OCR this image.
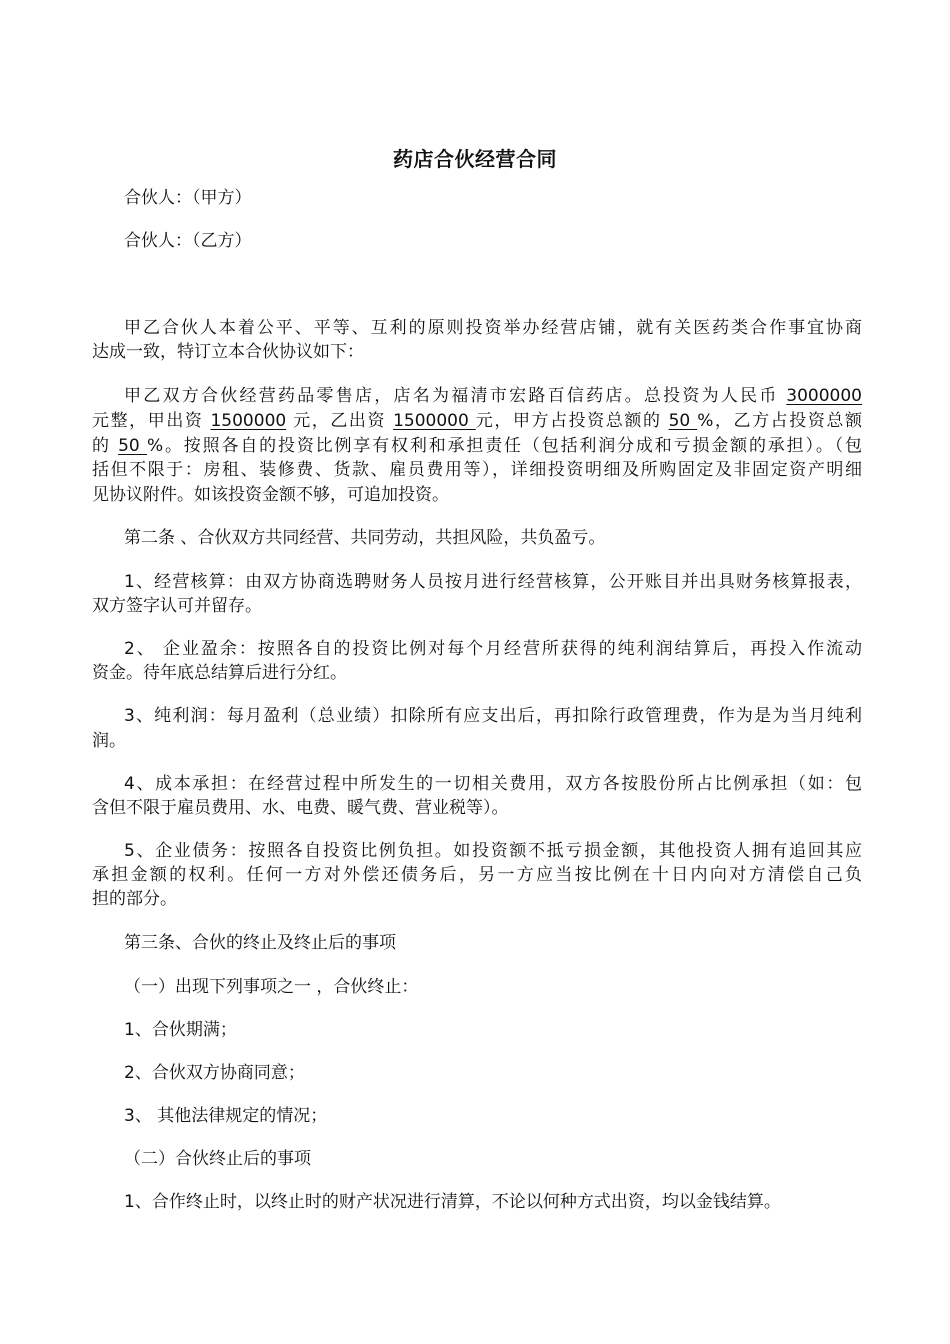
药店合伙经营合同
合伙人：（甲方）
合伙人：（乙方）
甲乙合伙人本着公平、平等、互利的原则投资举办经营店铺，就有关医药类合作事宜协商
达成一致，特订立本合伙协议如下：
甲乙双方合伙经营药品零售店，店名为福清市宏路百信药店。总投资为人民币 3000000
元整，甲出资 1500000 元，乙出资 1500000 元，甲方占投资总额的 50 %，乙方占投资总额
的 50 %。按照各自的投资比例享有权利和承担责任（包括利润分成和亏损金额的承担）。（包
括但不限于：房租、装修费、货款、雇员费用等），详细投资明细及所购固定及非固定资产明细
见协议附件。如该投资金额不够，可追加投资。
第二条 、合伙双方共同经营、共同劳动，共担风险，共负盈亏。
1、经营核算：由双方协商选聘财务人员按月进行经营核算，公开账目并出具财务核算报表，
双方签字认可并留存。
2、 企业盈余：按照各自的投资比例对每个月经营所获得的纯利润结算后，再投入作流动
资金。待年底总结算后进行分红。
3、纯利润：每月盈利（总业绩）扣除所有应支出后，再扣除行政管理费，作为是为当月纯利
润。
4、成本承担：在经营过程中所发生的一切相关费用，双方各按股份所占比例承担（如：包
含但不限于雇员费用、水、电费、暖气费、营业税等）。
5、企业债务：按照各自投资比例负担。如投资额不抵亏损金额，其他投资人拥有追回其应
承担金额的权利。任何一方对外偿还债务后，另一方应当按比例在十日内向对方清偿自己负
担的部分。
第三条、合伙的终止及终止后的事项
（一）出现下列事项之一 ，合伙终止：
1、合伙期满；
2、合伙双方协商同意；
3、 其他法律规定的情况；
（二）合伙终止后的事项
1、合作终止时，以终止时的财产状况进行清算，不论以何种方式出资，均以金钱结算。
